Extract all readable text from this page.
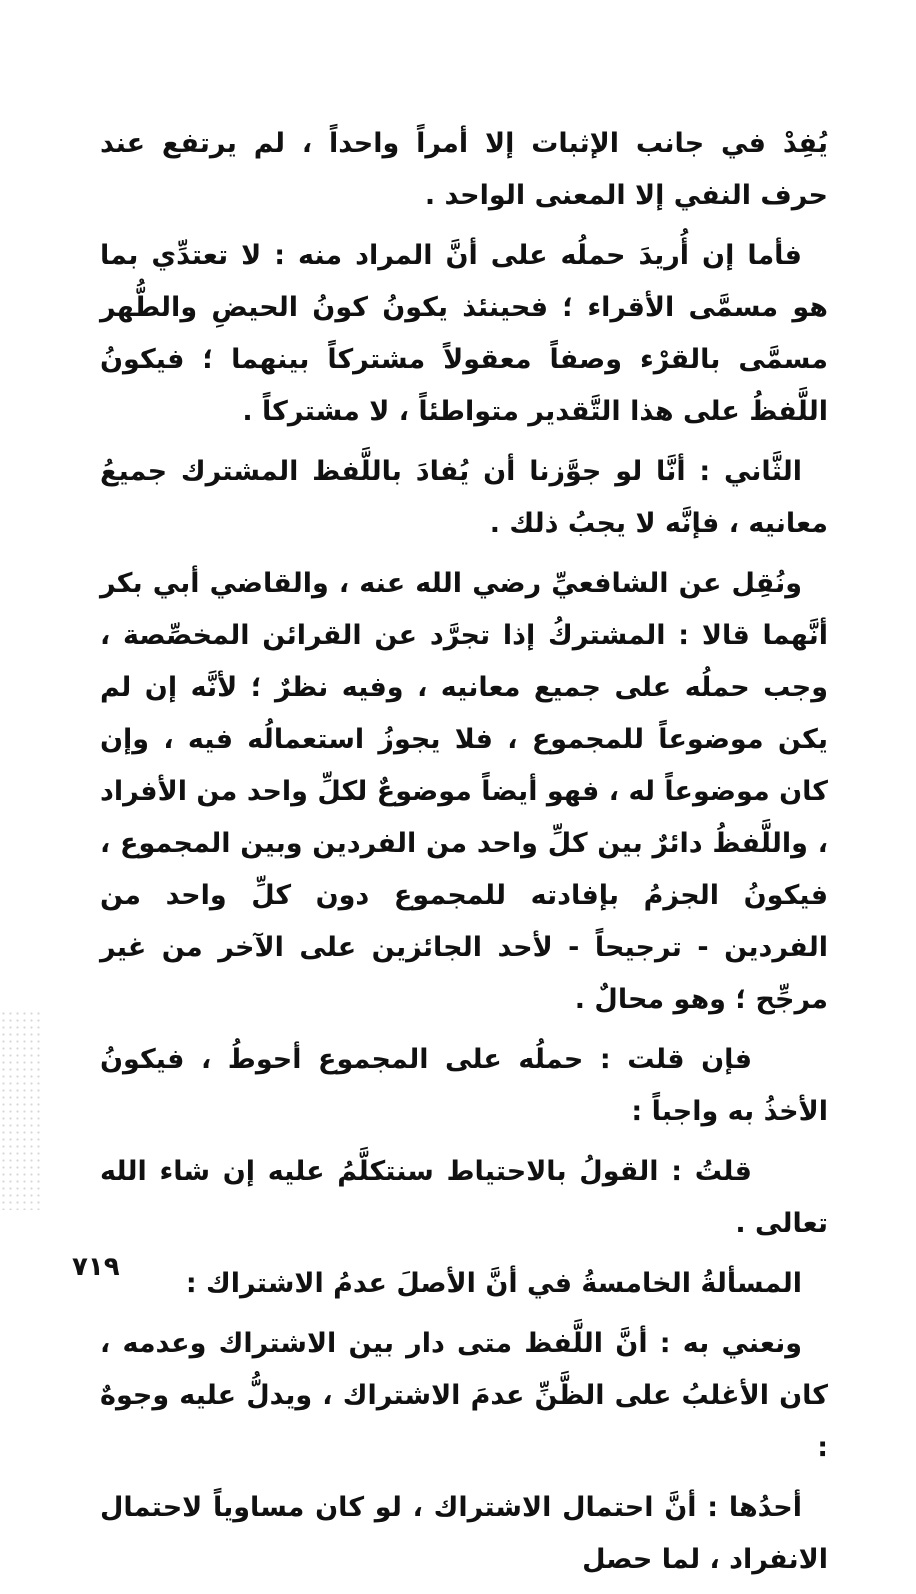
يُفِدْ في جانب الإثبات إلا أمراً واحداً ، لم يرتفع عند حرف النفي إلا المعنى الواحد .

فأما إن أُريدَ حملُه على أنَّ المراد منه : لا تعتدِّي بما هو مسمَّى الأقراء ؛ فحينئذ يكونُ كونُ الحيضِ والطُّهر مسمَّى بالقرْء وصفاً معقولاً مشتركاً بينهما ؛ فيكونُ اللَّفظُ على هذا التَّقدير متواطئاً ، لا مشتركاً .

الثَّاني : أنَّا لو جوَّزنا أن يُفادَ باللَّفظ المشترك جميعُ معانيه ، فإنَّه لا يجبُ ذلك .

ونُقِل عن الشافعيِّ رضي الله عنه ، والقاضي أبي بكر أنَّهما قالا : المشتركُ إذا تجرَّد عن القرائن المخصِّصة ، وجب حملُه على جميع معانيه ، وفيه نظرٌ ؛ لأنَّه إن لم يكن موضوعاً للمجموع ، فلا يجوزُ استعمالُه فيه ، وإن كان موضوعاً له ، فهو أيضاً موضوعٌ لكلِّ واحد من الأفراد ، واللَّفظُ دائرٌ بين كلِّ واحد من الفردين وبين المجموع ، فيكونُ الجزمُ بإفادته للمجموع دون كلِّ واحد من الفردين - ترجيحاً - لأحد الجائزين على الآخر من غير مرجِّح ؛ وهو محالٌ .

فإن قلت : حملُه على المجموع أحوطُ ، فيكونُ الأخذُ به واجباً :

قلتُ : القولُ بالاحتياط سنتكلَّمُ عليه إن شاء الله تعالى .

المسألةُ الخامسةُ في أنَّ الأصلَ عدمُ الاشتراك :

ونعني به : أنَّ اللَّفظ متى دار بين الاشتراك وعدمه ، كان الأغلبُ على الظَّنِّ عدمَ الاشتراك ، ويدلُّ عليه وجوهٌ :

أحدُها : أنَّ احتمال الاشتراك ، لو كان مساوياً لاحتمال الانفراد ، لما حصل

٧١٩
